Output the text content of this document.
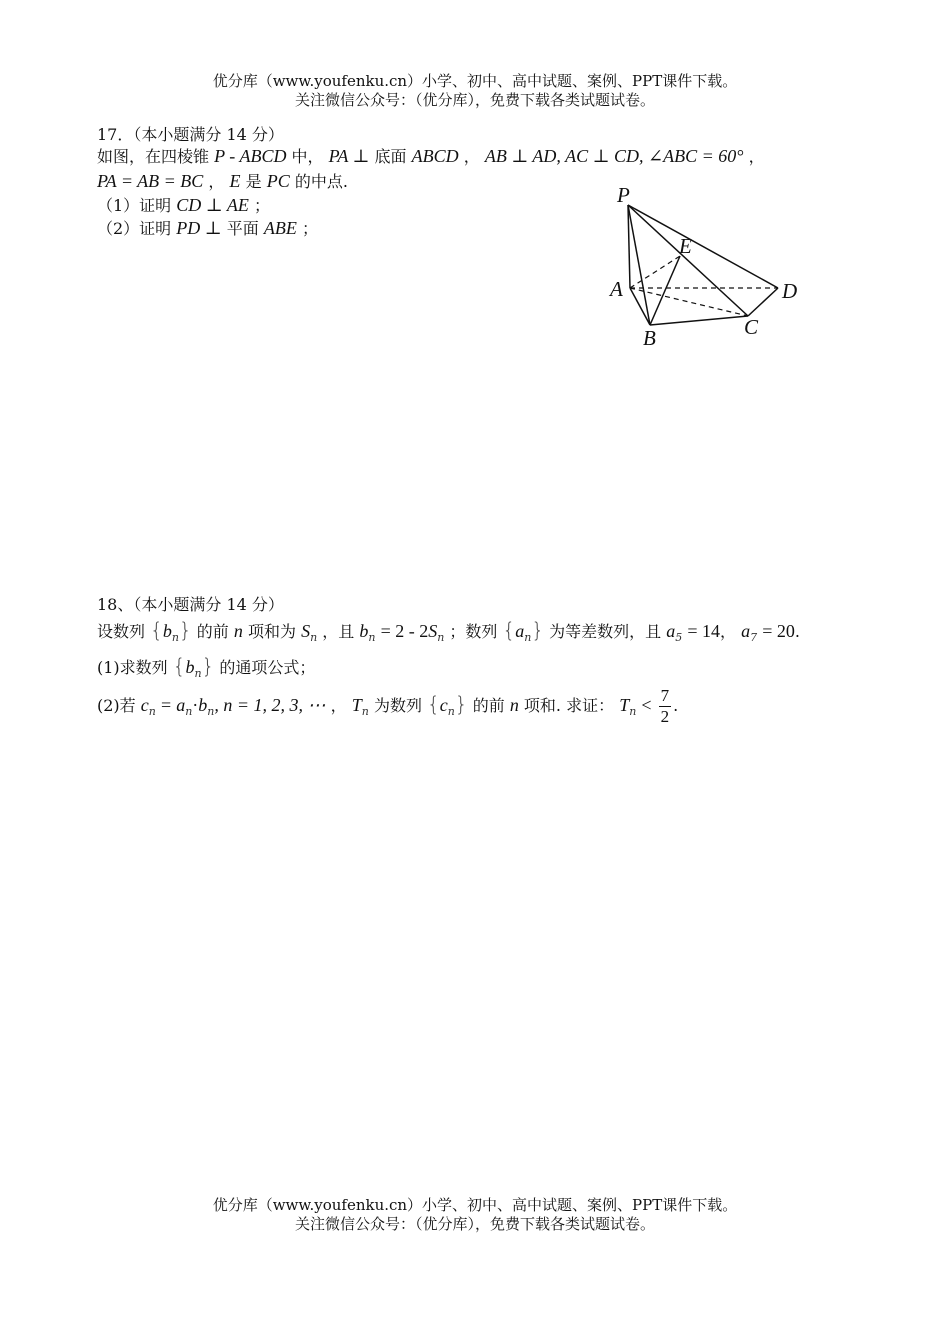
优分库（www.youfenku.cn）小学、初中、高中试题、案例、PPT课件下载。
关注微信公众号：（优分库），免费下载各类试题试卷。
17．（本小题满分 14 分）
如图，在四棱锥 P - ABCD 中， PA ⊥ 底面 ABCD ， AB ⊥ AD, AC ⊥ CD, ∠ABC = 60° ，
PA = AB = BC ， E 是 PC 的中点.
（1）证明 CD ⊥ AE ；
（2）证明 PD ⊥ 平面 ABE ；
P
E
A	D
C
B
18、（本小题满分 14 分）
设数列 $\{b_n\}$ 的前 n 项和为 $S_n$ ，且 $b_n = 2 - 2S_n$ ；数列 $\{a_n\}$ 为等差数列，且 $a_5 = 14$， $a_7 = 20$.
(1)求数列 $\{b_n\}$ 的通项公式；
(2)若 $c_n = a_n\cdot b_n$, n = 1, 2, 3, ⋯ ， $T_n$ 为数列 $\{c_n\}$ 的前 n 项和. 求证： $T_n < \frac{7}{2}$ .
优分库（www.youfenku.cn）小学、初中、高中试题、案例、PPT课件下载。
关注微信公众号：（优分库），免费下载各类试题试卷。
